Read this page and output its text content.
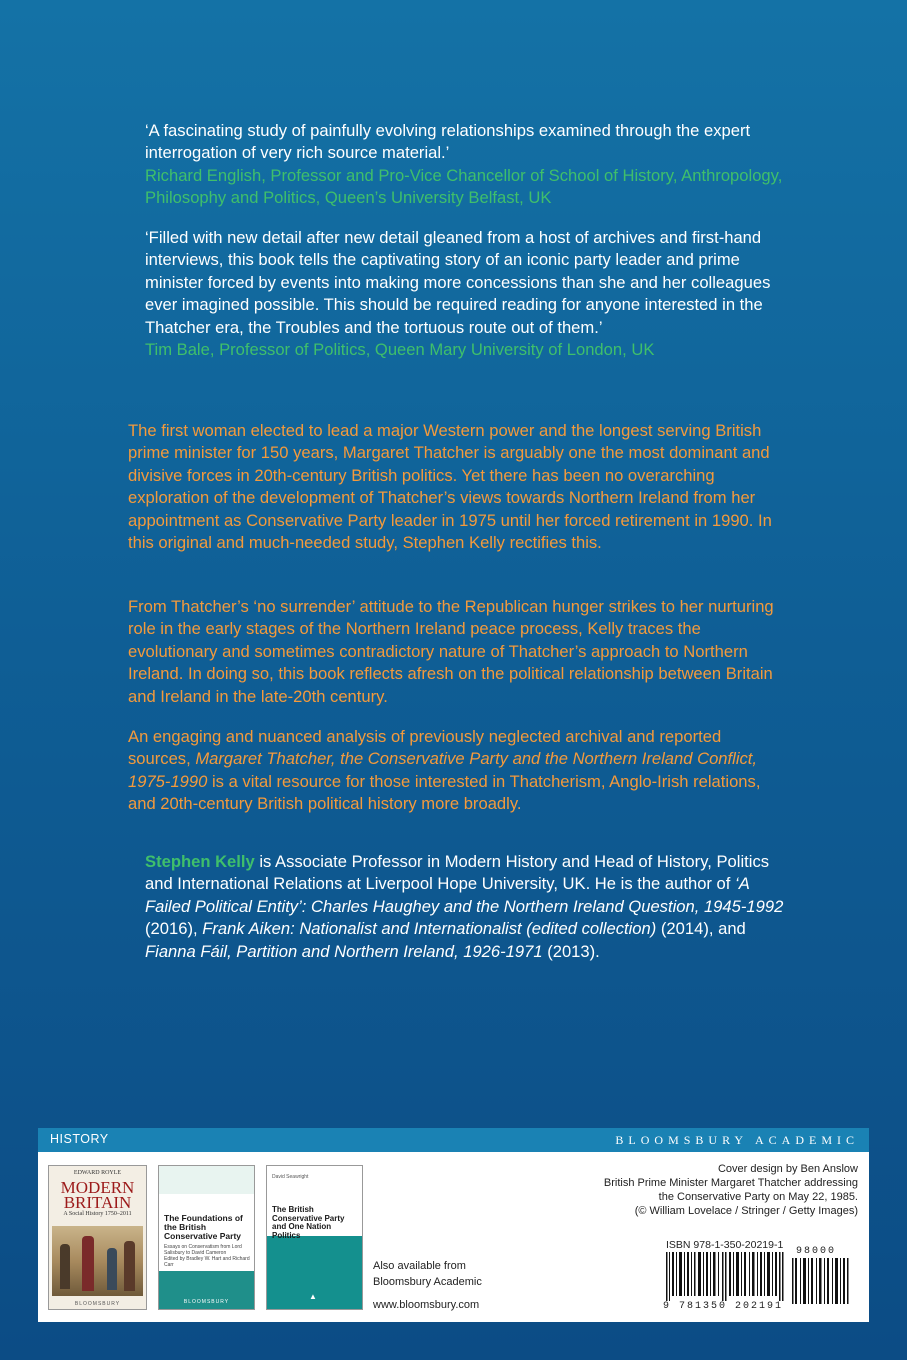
‘A fascinating study of painfully evolving relationships examined through the expert interrogation of very rich source material.’
Richard English, Professor and Pro-Vice Chancellor of School of History, Anthropology, Philosophy and Politics, Queen’s University Belfast, UK
‘Filled with new detail after new detail gleaned from a host of archives and first-hand interviews, this book tells the captivating story of an iconic party leader and prime minister forced by events into making more concessions than she and her colleagues ever imagined possible. This should be required reading for anyone interested in the Thatcher era, the Troubles and the tortuous route out of them.’
Tim Bale, Professor of Politics, Queen Mary University of London, UK
The first woman elected to lead a major Western power and the longest serving British prime minister for 150 years, Margaret Thatcher is arguably one the most dominant and divisive forces in 20th-century British politics. Yet there has been no overarching exploration of the development of Thatcher’s views towards Northern Ireland from her appointment as Conservative Party leader in 1975 until her forced retirement in 1990. In this original and much-needed study, Stephen Kelly rectifies this.
From Thatcher’s ‘no surrender’ attitude to the Republican hunger strikes to her nurturing role in the early stages of the Northern Ireland peace process, Kelly traces the evolutionary and sometimes contradictory nature of Thatcher’s approach to Northern Ireland. In doing so, this book reflects afresh on the political relationship between Britain and Ireland in the late-20th century.
An engaging and nuanced analysis of previously neglected archival and reported sources, Margaret Thatcher, the Conservative Party and the Northern Ireland Conflict, 1975-1990 is a vital resource for those interested in Thatcherism, Anglo-Irish relations, and 20th-century British political history more broadly.
Stephen Kelly is Associate Professor in Modern History and Head of History, Politics and International Relations at Liverpool Hope University, UK. He is the author of ‘A Failed Political Entity’: Charles Haughey and the Northern Ireland Question, 1945-1992 (2016), Frank Aiken: Nationalist and Internationalist (edited collection) (2014), and Fianna Fáil, Partition and Northern Ireland, 1926-1971 (2013).
HISTORY	BLOOMSBURY ACADEMIC
EDWARD ROYLE
MODERN BRITAIN
A Social History 1750–2011
BLOOMSBURY
The Foundations of the British Conservative Party
Essays on Conservatism from Lord Salisbury to David Cameron
Edited by Bradley W. Hart and Richard Carr
BLOOMSBURY
David Seawright
The British Conservative Party and One Nation Politics
▲
Also available from
Bloomsbury Academic
www.bloomsbury.com
Cover design by Ben Anslow
British Prime Minister Margaret Thatcher addressing
the Conservative Party on May 22, 1985.
(© William Lovelace / Stringer / Getty Images)
ISBN 978-1-350-20219-1
9 781350 202191
98000
